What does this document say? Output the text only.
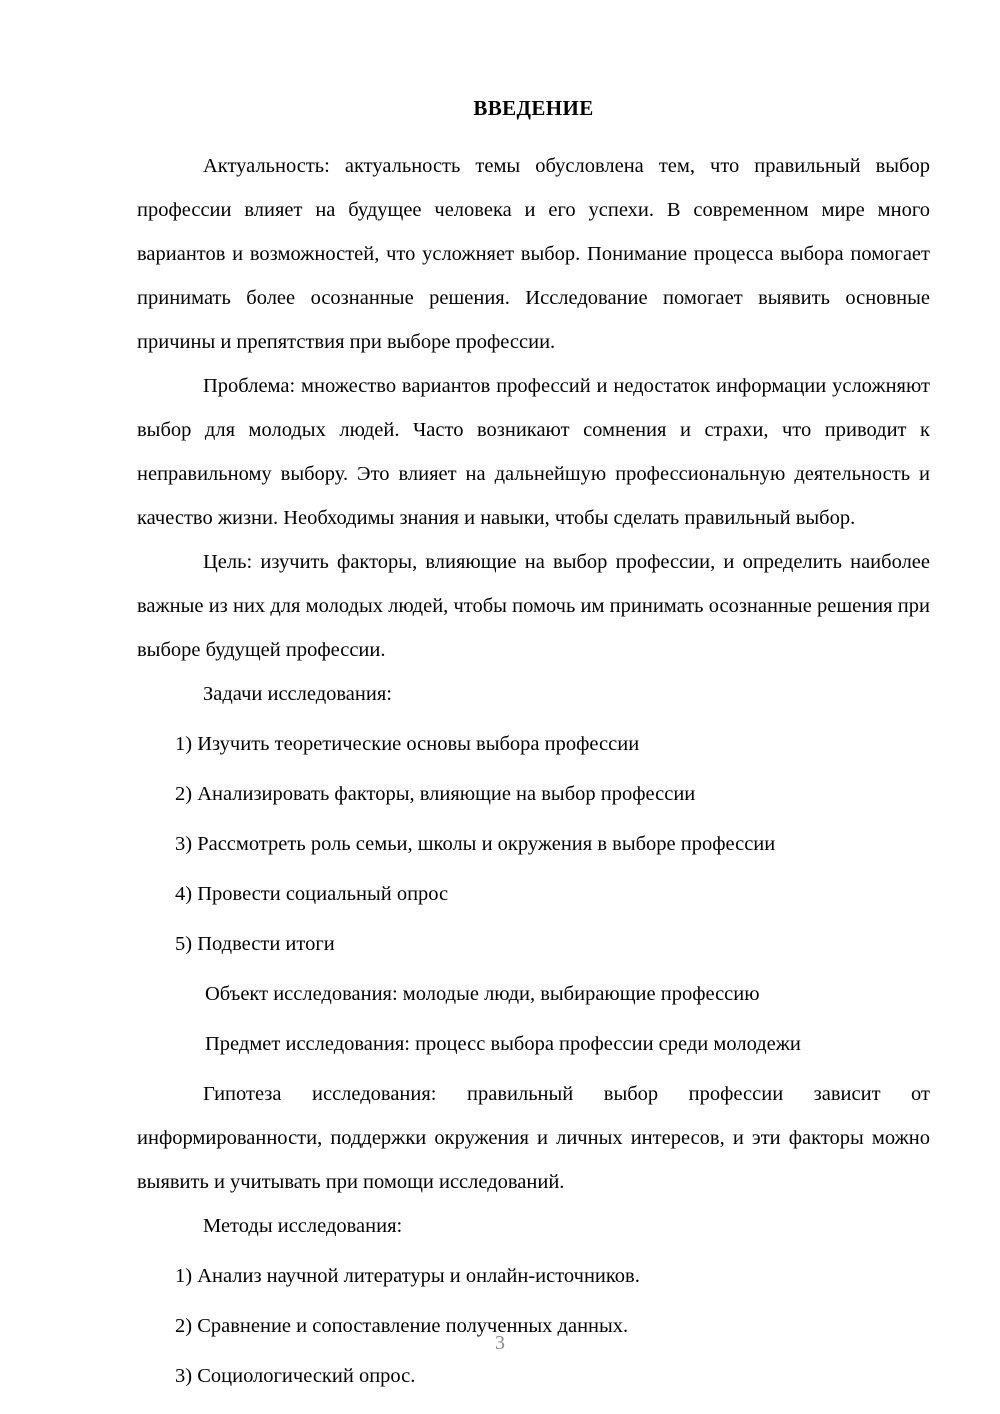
ВВЕДЕНИЕ

Актуальность: актуальность темы обусловлена тем, что правильный выбор профессии влияет на будущее человека и его успехи. В современном мире много вариантов и возможностей, что усложняет выбор. Понимание процесса выбора помогает принимать более осознанные решения. Исследование помогает выявить основные причины и препятствия при выборе профессии.

Проблема: множество вариантов профессий и недостаток информации усложняют выбор для молодых людей. Часто возникают сомнения и страхи, что приводит к неправильному выбору. Это влияет на дальнейшую профессиональную деятельность и качество жизни. Необходимы знания и навыки, чтобы сделать правильный выбор.

Цель: изучить факторы, влияющие на выбор профессии, и определить наиболее важные из них для молодых людей, чтобы помочь им принимать осознанные решения при выборе будущей профессии.

Задачи исследования:
1) Изучить теоретические основы выбора профессии
2) Анализировать факторы, влияющие на выбор профессии
3) Рассмотреть роль семьи, школы и окружения в выборе профессии
4) Провести социальный опрос
5) Подвести итоги
Объект исследования: молодые люди, выбирающие профессию
Предмет исследования: процесс выбора профессии среди молодежи

Гипотеза исследования: правильный выбор профессии зависит от информированности, поддержки окружения и личных интересов, и эти факторы можно выявить и учитывать при помощи исследований.

Методы исследования:
1) Анализ научной литературы и онлайн-источников.
2) Сравнение и сопоставление полученных данных.
3) Социологический опрос.
3
